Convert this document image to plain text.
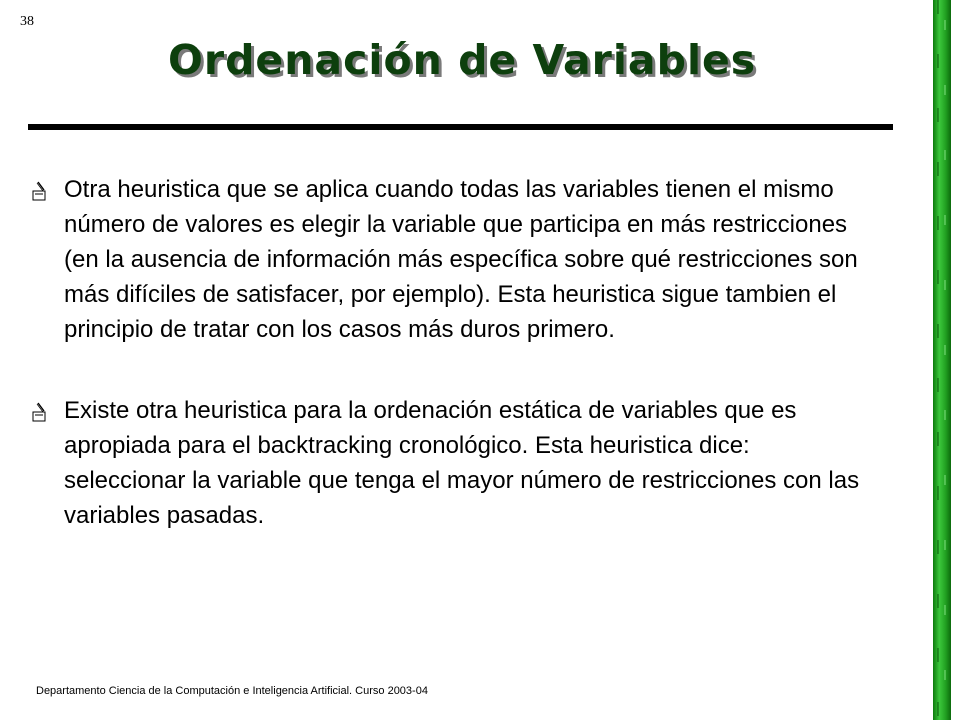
38
Ordenación de Variables
Otra heuristica que se aplica cuando todas las variables tienen el mismo número de valores es elegir la variable que participa en más restricciones (en la ausencia de información más específica sobre qué restricciones son más difíciles de satisfacer, por ejemplo). Esta heuristica sigue tambien el principio de tratar con los casos más duros primero.
Existe otra heuristica para la ordenación estática de variables que es apropiada para el backtracking cronológico. Esta heuristica dice: seleccionar la variable que tenga el mayor número de restricciones con las variables pasadas.
Departamento Ciencia de la Computación e Inteligencia Artificial. Curso 2003-04
